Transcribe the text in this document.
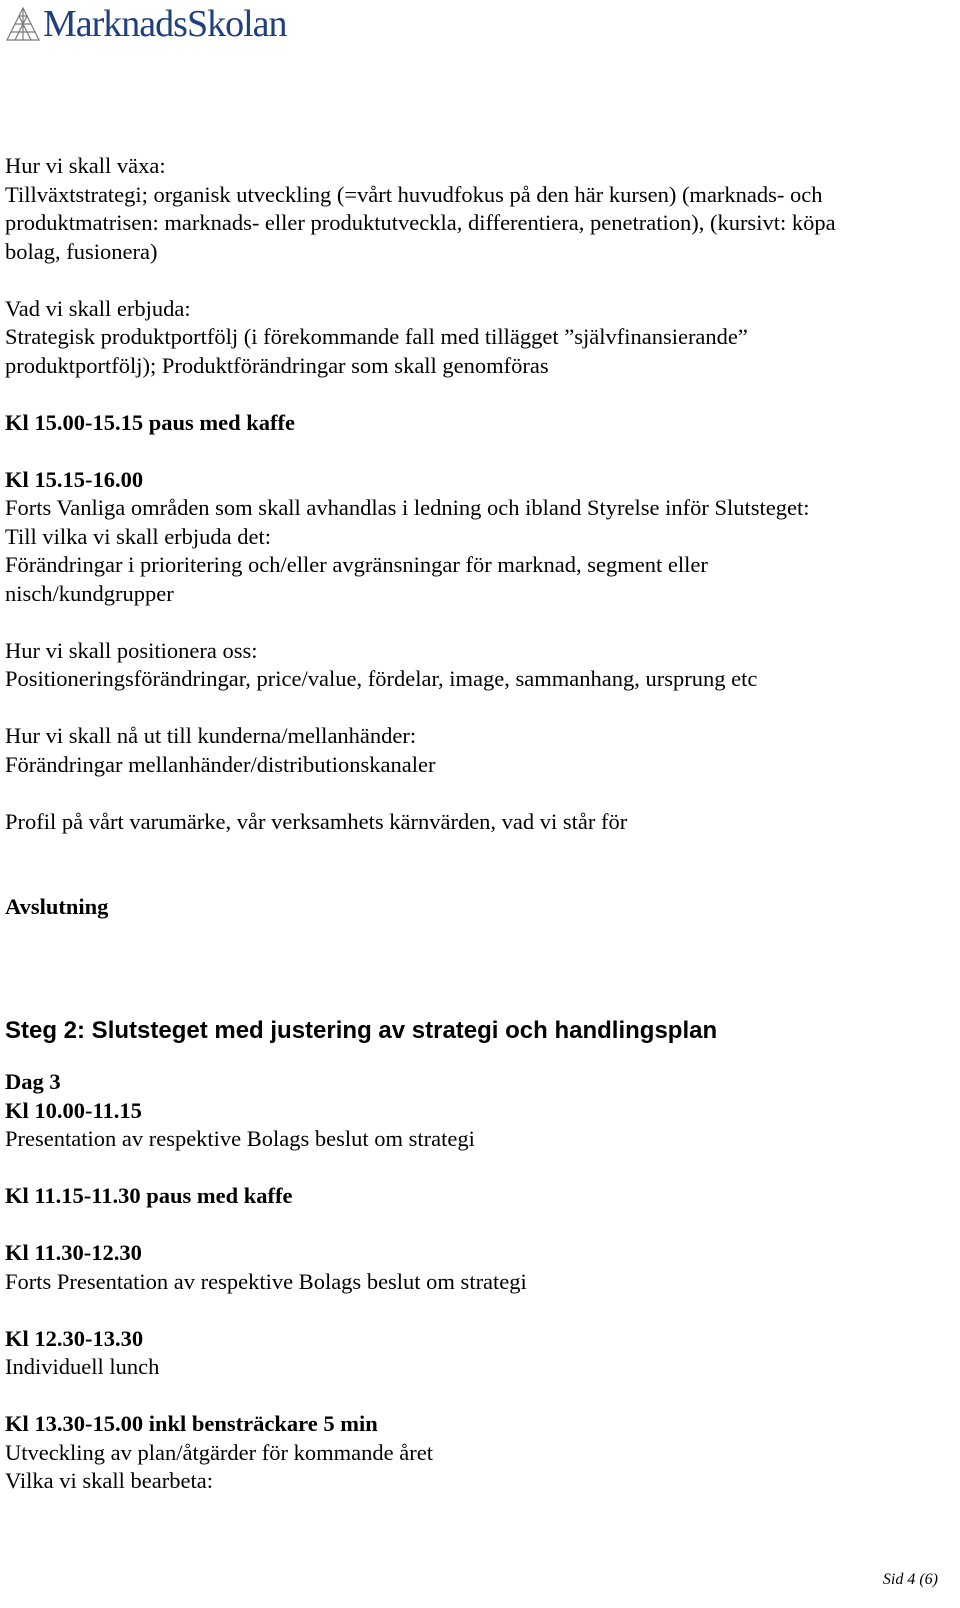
MarknadsSkolan
Hur vi skall växa:
Tillväxtstrategi; organisk utveckling (=vårt huvudfokus på den här kursen) (marknads- och
produktmatrisen: marknads- eller produktutveckla, differentiera, penetration), (kursivt: köpa
bolag, fusionera)
Vad vi skall erbjuda:
Strategisk produktportfölj (i förekommande fall med tillägget ”självfinansierande”
produktportfölj); Produktförändringar som skall genomföras
Kl 15.00-15.15 paus med kaffe
Kl 15.15-16.00
Forts Vanliga områden som skall avhandlas i ledning och ibland Styrelse inför Slutsteget:
Till vilka vi skall erbjuda det:
Förändringar i prioritering och/eller avgränsningar för marknad, segment eller
nisch/kundgrupper
Hur vi skall positionera oss:
Positioneringsförändringar, price/value, fördelar, image, sammanhang, ursprung etc
Hur vi skall nå ut till kunderna/mellanhänder:
Förändringar mellanhänder/distributionskanaler
Profil på vårt varumärke, vår verksamhets kärnvärden, vad vi står för
Avslutning
Steg 2: Slutsteget med justering av strategi och handlingsplan
Dag 3
Kl 10.00-11.15
Presentation av respektive Bolags beslut om strategi
Kl 11.15-11.30 paus med kaffe
Kl 11.30-12.30
Forts Presentation av respektive Bolags beslut om strategi
Kl 12.30-13.30
Individuell lunch
Kl 13.30-15.00 inkl bensträckare 5 min
Utveckling av plan/åtgärder för kommande året
Vilka vi skall bearbeta:
Sid 4 (6)
